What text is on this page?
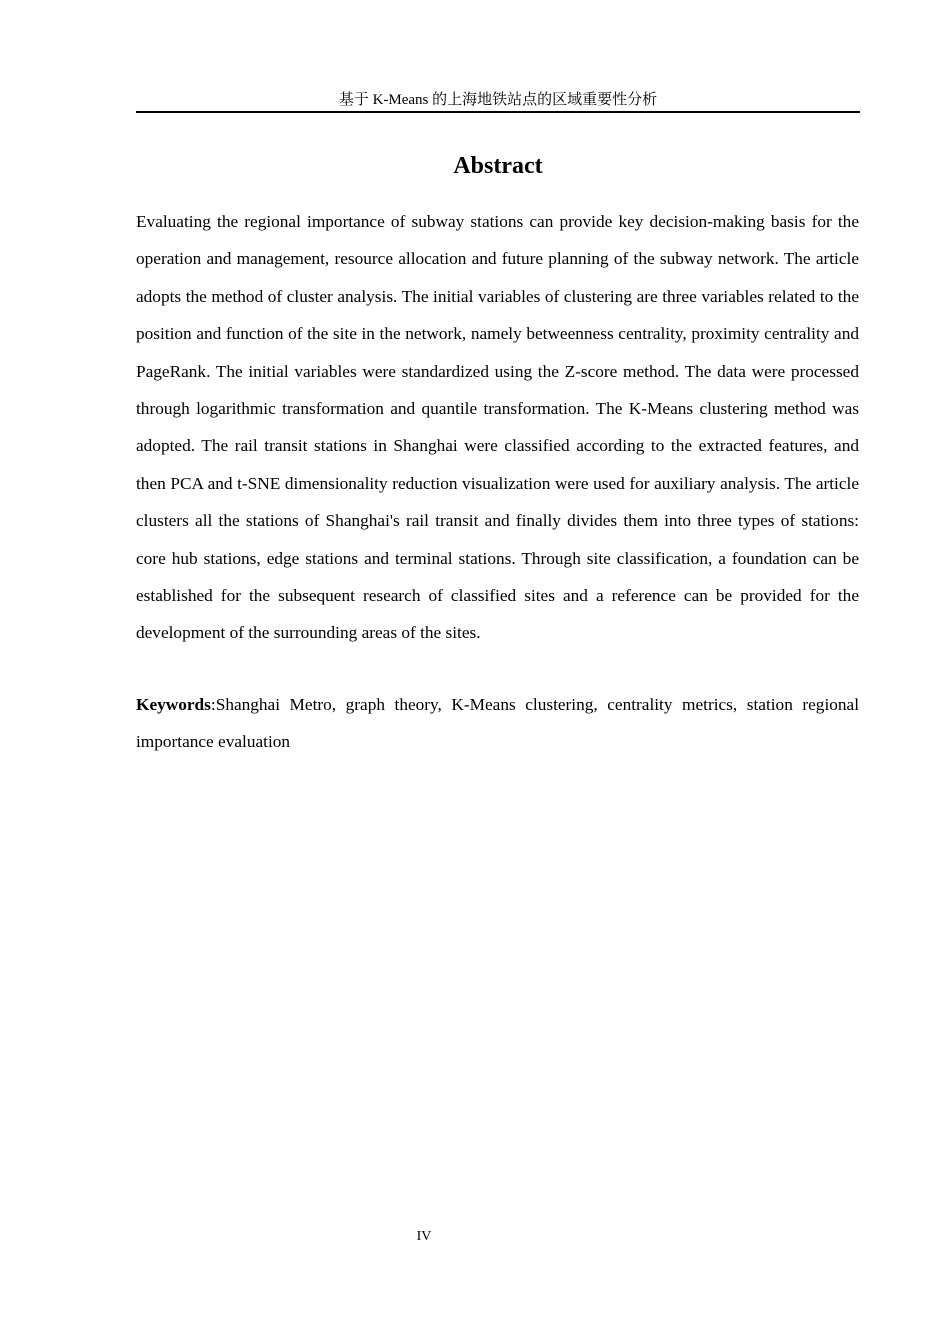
基于 K-Means 的上海地铁站点的区域重要性分析
Abstract

Evaluating the regional importance of subway stations can provide key decision-making basis for the operation and management, resource allocation and future planning of the subway network. The article adopts the method of cluster analysis. The initial variables of clustering are three variables related to the position and function of the site in the network, namely betweenness centrality, proximity centrality and PageRank. The initial variables were standardized using the Z-score method. The data were processed through logarithmic transformation and quantile transformation. The K-Means clustering method was adopted. The rail transit stations in Shanghai were classified according to the extracted features, and then PCA and t-SNE dimensionality reduction visualization were used for auxiliary analysis. The article clusters all the stations of Shanghai's rail transit and finally divides them into three types of stations: core hub stations, edge stations and terminal stations. Through site classification, a foundation can be established for the subsequent research of classified sites and a reference can be provided for the development of the surrounding areas of the sites.

Keywords:Shanghai Metro, graph theory, K-Means clustering, centrality metrics, station regional importance evaluation
IV
